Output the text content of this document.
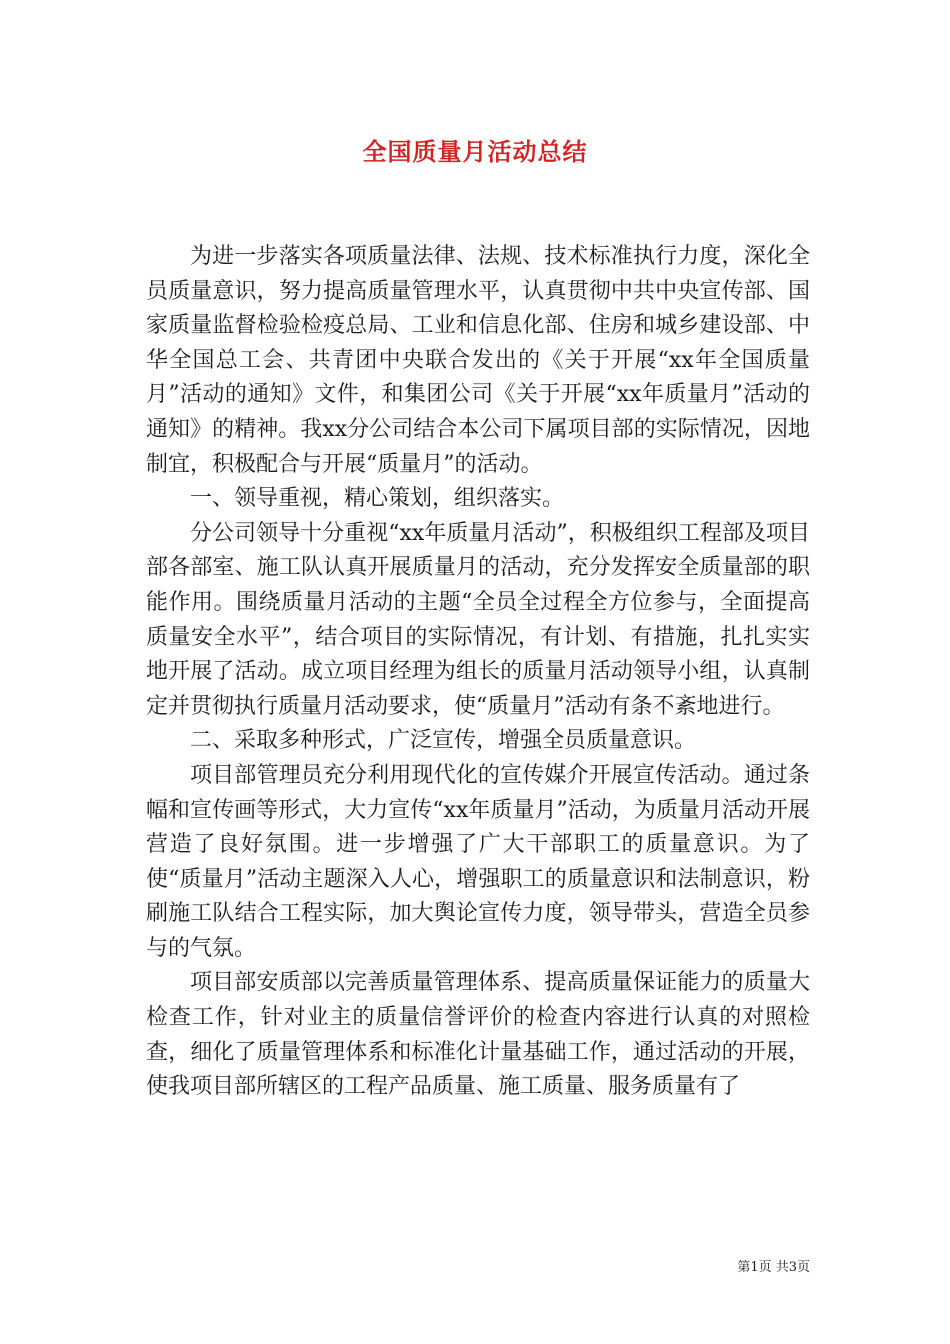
全国质量月活动总结

为进一步落实各项质量法律、法规、技术标准执行力度，深化全员质量意识，努力提高质量管理水平，认真贯彻中共中央宣传部、国家质量监督检验检疫总局、工业和信息化部、住房和城乡建设部、中华全国总工会、共青团中央联合发出的《关于开展“xx年全国质量月”活动的通知》文件，和集团公司《关于开展“xx年质量月”活动的通知》的精神。我xx分公司结合本公司下属项目部的实际情况，因地制宜，积极配合与开展“质量月”的活动。

一、领导重视，精心策划，组织落实。

分公司领导十分重视“xx年质量月活动”，积极组织工程部及项目部各部室、施工队认真开展质量月的活动，充分发挥安全质量部的职能作用。围绕质量月活动的主题“全员全过程全方位参与，全面提高质量安全水平”，结合项目的实际情况，有计划、有措施，扎扎实实地开展了活动。成立项目经理为组长的质量月活动领导小组，认真制定并贯彻执行质量月活动要求，使“质量月”活动有条不紊地进行。

二、采取多种形式，广泛宣传，增强全员质量意识。

项目部管理员充分利用现代化的宣传媒介开展宣传活动。通过条幅和宣传画等形式，大力宣传“xx年质量月”活动，为质量月活动开展营造了良好氛围。进一步增强了广大干部职工的质量意识。为了使“质量月”活动主题深入人心，增强职工的质量意识和法制意识，粉刷施工队结合工程实际，加大舆论宣传力度，领导带头，营造全员参与的气氛。

项目部安质部以完善质量管理体系、提高质量保证能力的质量大检查工作，针对业主的质量信誉评价的检查内容进行认真的对照检查，细化了质量管理体系和标准化计量基础工作，通过活动的开展，使我项目部所辖区的工程产品质量、施工质量、服务质量有了

第1页 共3页
